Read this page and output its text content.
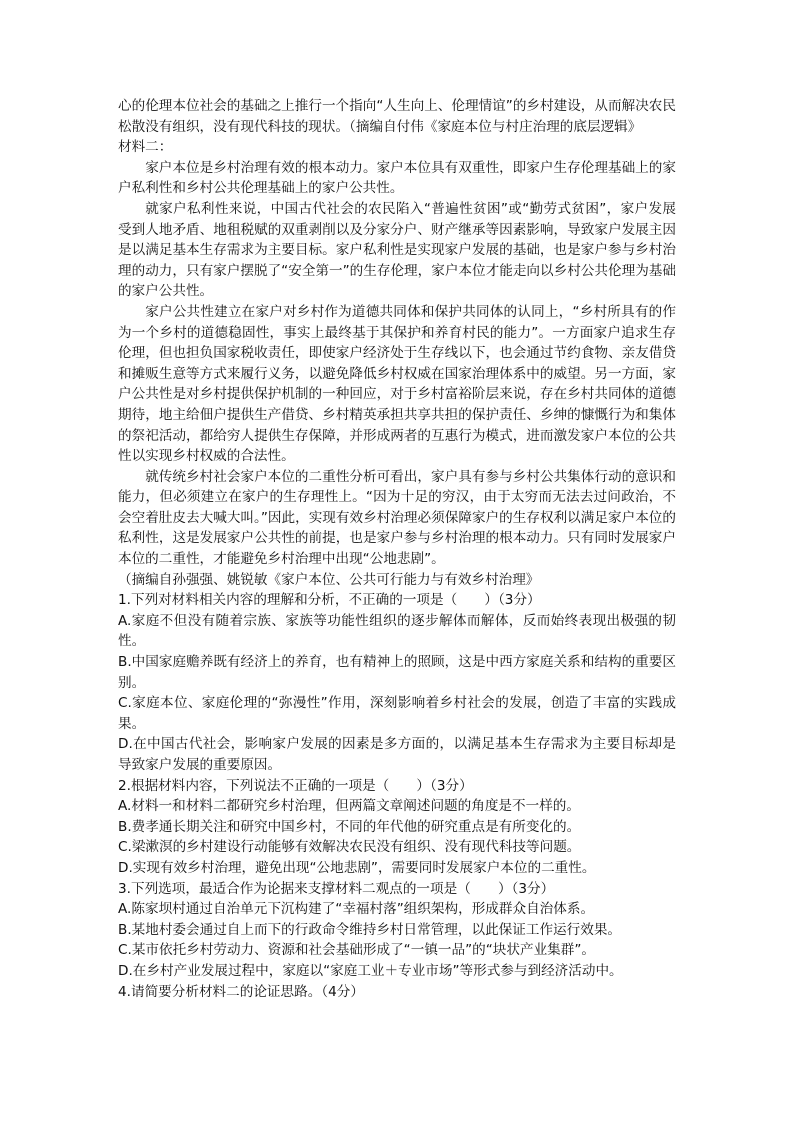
心的伦理本位社会的基础之上推行一个指向“人生向上、伦理情谊”的乡村建设，从而解决农民松散没有组织，没有现代科技的现状。（摘编自付伟《家庭本位与村庄治理的底层逻辑》

材料二：

家户本位是乡村治理有效的根本动力。家户本位具有双重性，即家户生存伦理基础上的家户私利性和乡村公共伦理基础上的家户公共性。

就家户私利性来说，中国古代社会的农民陷入“普遍性贫困”或“勤劳式贫困”，家户发展受到人地矛盾、地租税赋的双重剥削以及分家分户、财产继承等因素影响，导致家户发展主因是以满足基本生存需求为主要目标。家户私利性是实现家户发展的基础，也是家户参与乡村治理的动力，只有家户摆脱了“安全第一”的生存伦理，家户本位才能走向以乡村公共伦理为基础的家户公共性。

家户公共性建立在家户对乡村作为道德共同体和保护共同体的认同上，“乡村所具有的作为一个乡村的道德稳固性，事实上最终基于其保护和养育村民的能力”。一方面家户追求生存伦理，但也担负国家税收责任，即使家户经济处于生存线以下，也会通过节约食物、亲友借贷和摊贩生意等方式来履行义务，以避免降低乡村权威在国家治理体系中的威望。另一方面，家户公共性是对乡村提供保护机制的一种回应，对于乡村富裕阶层来说，存在乡村共同体的道德期待，地主给佃户提供生产借贷、乡村精英承担共享共担的保护责任、乡绅的慷慨行为和集体的祭祀活动，都给穷人提供生存保障，并形成两者的互惠行为模式，进而激发家户本位的公共性以实现乡村权威的合法性。

就传统乡村社会家户本位的二重性分析可看出，家户具有参与乡村公共集体行动的意识和能力，但必须建立在家户的生存理性上。“因为十足的穷汉，由于太穷而无法去过问政治，不会空着肚皮去大喊大叫。”因此，实现有效乡村治理必须保障家户的生存权利以满足家户本位的私利性，这是发展家户公共性的前提，也是家户参与乡村治理的根本动力。只有同时发展家户本位的二重性，才能避免乡村治理中出现“公地悲剧”。

（摘编自孙强强、姚锐敏《家户本位、公共可行能力与有效乡村治理》

1.下列对材料相关内容的理解和分析，不正确的一项是（　　）（3分）

A.家庭不但没有随着宗族、家族等功能性组织的逐步解体而解体，反而始终表现出极强的韧性。

B.中国家庭赡养既有经济上的养育，也有精神上的照顾，这是中西方家庭关系和结构的重要区别。

C.家庭本位、家庭伦理的“弥漫性”作用，深刻影响着乡村社会的发展，创造了丰富的实践成果。

D.在中国古代社会，影响家户发展的因素是多方面的，以满足基本生存需求为主要目标却是导致家户发展的重要原因。

2.根据材料内容，下列说法不正确的一项是（　　）（3分）

A.材料一和材料二都研究乡村治理，但两篇文章阐述问题的角度是不一样的。

B.费孝通长期关注和研究中国乡村，不同的年代他的研究重点是有所变化的。

C.梁漱溟的乡村建设行动能够有效解决农民没有组织、没有现代科技等问题。

D.实现有效乡村治理，避免出现“公地悲剧”，需要同时发展家户本位的二重性。

3.下列选项，最适合作为论据来支撑材料二观点的一项是（　　）（3分）

A.陈家坝村通过自治单元下沉构建了“幸福村落”组织架构，形成群众自治体系。

B.某地村委会通过自上而下的行政命令维持乡村日常管理，以此保证工作运行效果。

C.某市依托乡村劳动力、资源和社会基础形成了“一镇一品”的“块状产业集群”。

D.在乡村产业发展过程中，家庭以“家庭工业＋专业市场”等形式参与到经济活动中。

4.请简要分析材料二的论证思路。（4分）
